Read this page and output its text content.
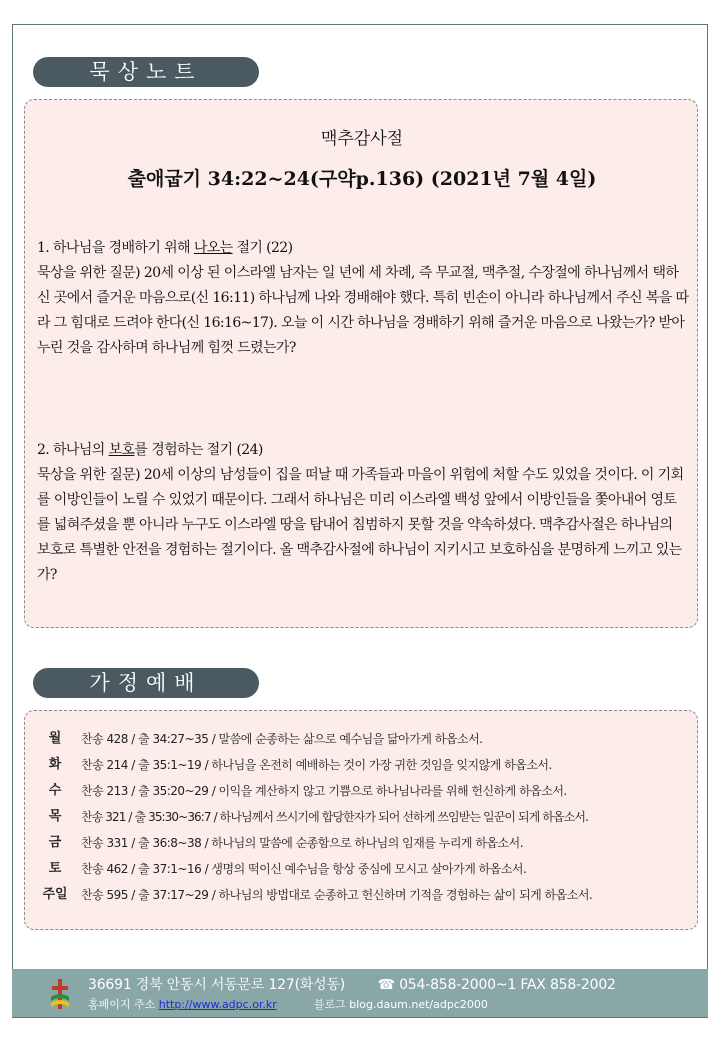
묵상노트
맥추감사절
출애굽기 34:22~24(구약p.136) (2021년 7월 4일)
1. 하나님을 경배하기 위해 나오는 절기 (22)
묵상을 위한 질문) 20세 이상 된 이스라엘 남자는 일 년에 세 차례, 즉 무교절, 맥추절, 수장절에 하나님께서 택하신 곳에서 즐거운 마음으로(신 16:11) 하나님께 나와 경배해야 했다. 특히 빈손이 아니라 하나님께서 주신 복을 따라 그 힘대로 드려야 한다(신 16:16~17). 오늘 이 시간 하나님을 경배하기 위해 즐거운 마음으로 나왔는가? 받아 누린 것을 감사하며 하나님께 힘껏 드렸는가?
2. 하나님의 보호를 경험하는 절기 (24)
묵상을 위한 질문) 20세 이상의 남성들이 집을 떠날 때 가족들과 마을이 위험에 처할 수도 있었을 것이다. 이 기회를 이방인들이 노릴 수 있었기 때문이다. 그래서 하나님은 미리 이스라엘 백성 앞에서 이방인들을 쫓아내어 영토를 넓혀주셨을 뿐 아니라 누구도 이스라엘 땅을 탐내어 침범하지 못할 것을 약속하셨다. 맥추감사절은 하나님의 보호로 특별한 안전을 경험하는 절기이다. 올 맥추감사절에 하나님이 지키시고 보호하심을 분명하게 느끼고 있는가?
가정예배
월	찬송 428 / 출 34:27~35 / 말씀에 순종하는 삶으로 예수님을 닮아가게 하옵소서.
화	찬송 214 / 출 35:1~19 / 하나님을 온전히 예배하는 것이 가장 귀한 것임을 잊지않게 하옵소서.
수	찬송 213 / 출 35:20~29 / 이익을 계산하지 않고 기쁨으로 하나님나라를 위해 헌신하게 하옵소서.
목	찬송 321 / 출 35:30~36:7 / 하나님께서 쓰시기에 합당한자가 되어 선하게 쓰임받는 일꾼이 되게 하옵소서.
금	찬송 331 / 출 36:8~38 / 하나님의 말씀에 순종함으로 하나님의 임재를 누리게 하옵소서.
토	찬송 462 / 출 37:1~16 / 생명의 떡이신 예수님을 항상 중심에 모시고 살아가게 하옵소서.
주일	찬송 595 / 출 37:17~29 / 하나님의 방법대로 순종하고 헌신하며 기적을 경험하는 삶이 되게 하옵소서.
36691 경북 안동시 서동문로 127(화성동) ☎ 054-858-2000~1 FAX 858-2002
홈페이지 주소 http://www.adpc.or.kr	블로그 blog.daum.net/adpc2000
